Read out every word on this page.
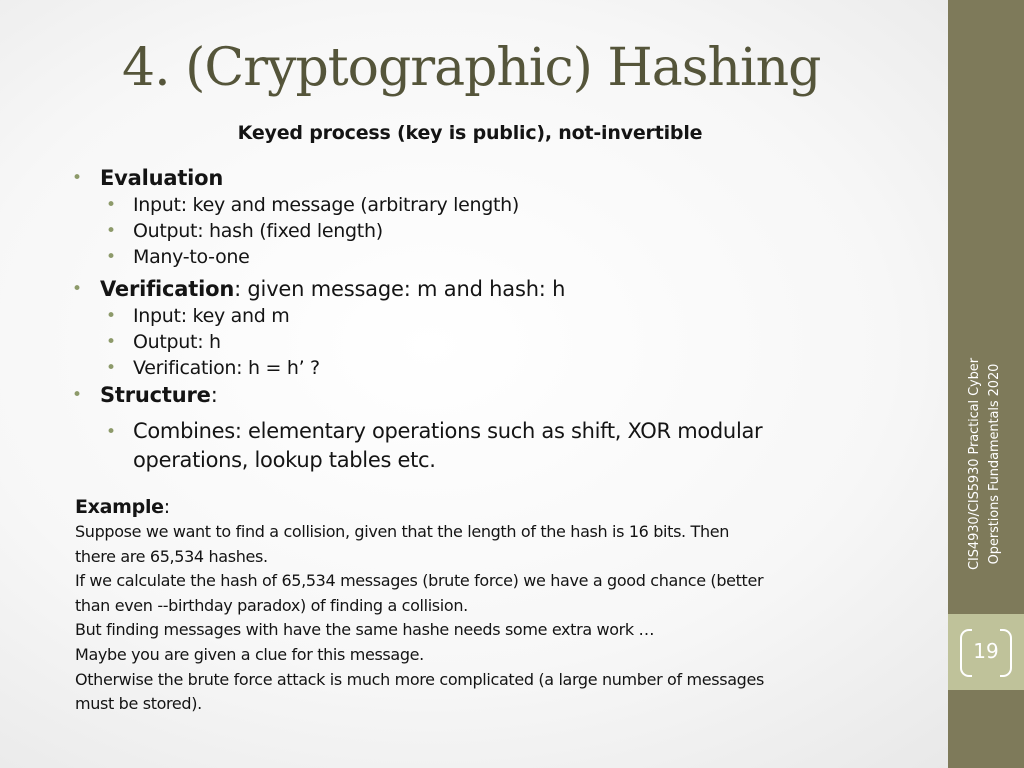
4. (Cryptographic) Hashing
Keyed process (key is public), not-invertible
• Evaluation
• Input: key and message (arbitrary length)
• Output: hash (fixed length)
• Many-to-one
• Verification: given message: m and hash: h
• Input: key and m
• Output: h
• Verification: h = h’ ?
• Structure:
• Combines: elementary operations such as shift, XOR modular
operations, lookup tables etc.
Example:
Suppose we want to find a collision, given that the length of the hash is 16 bits. Then
there are 65,534 hashes.
If we calculate the hash of 65,534 messages (brute force) we have a good chance (better
than even --birthday paradox) of finding a collision.
But finding messages with have the same hashe needs some extra work …
Maybe you are given a clue for this message.
Otherwise the brute force attack is much more complicated (a large number of messages
must be stored).
CIS4930/CIS5930 Practical Cyber Operstions Fundamentals 2020
19
